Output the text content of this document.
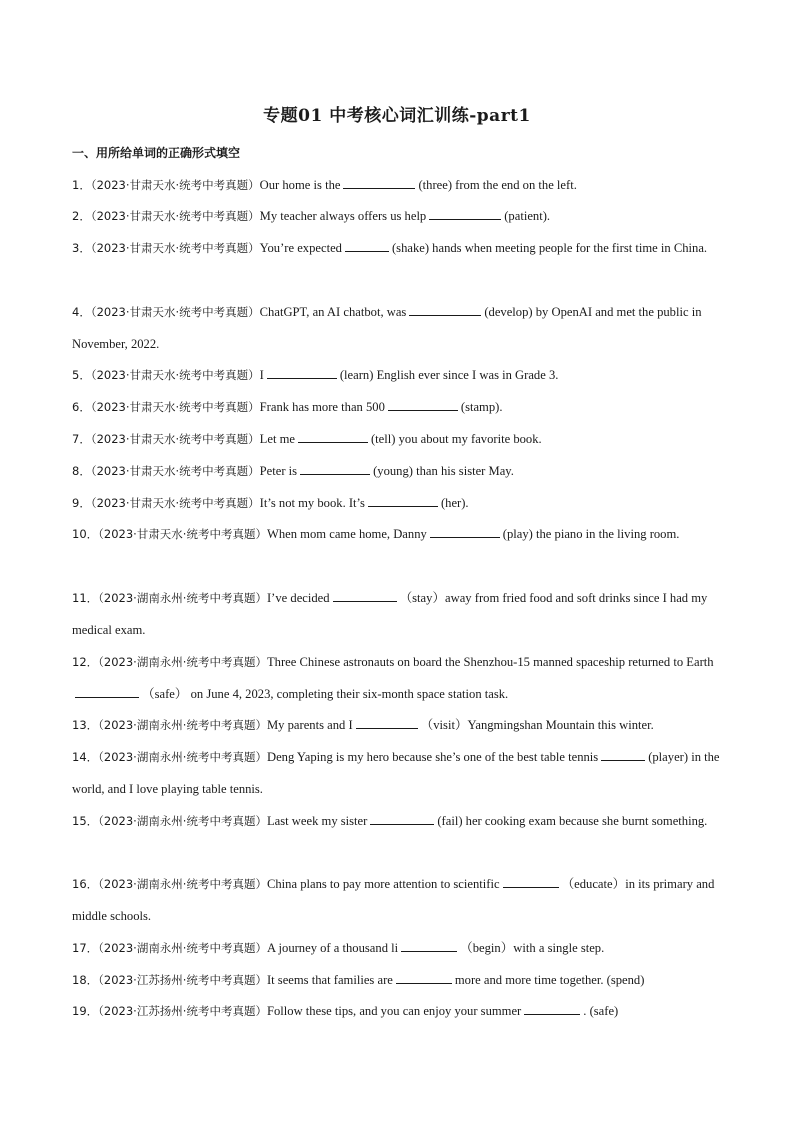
专题01 中考核心词汇训练-part1
一、用所给单词的正确形式填空
1．（2023·甘肃天水·统考中考真题）Our home is the	(three) from the end on the left.
2．（2023·甘肃天水·统考中考真题）My teacher always offers us help	(patient).
3．（2023·甘肃天水·统考中考真题）You’re expected	(shake) hands when meeting people for the first time in China.
4．（2023·甘肃天水·统考中考真题）ChatGPT, an AI chatbot, was	(develop) by OpenAI and met the public in November, 2022.
5．（2023·甘肃天水·统考中考真题）I	(learn) English ever since I was in Grade 3.
6．（2023·甘肃天水·统考中考真题）Frank has more than 500	(stamp).
7．（2023·甘肃天水·统考中考真题）Let me	(tell) you about my favorite book.
8．（2023·甘肃天水·统考中考真题）Peter is	(young) than his sister May.
9．（2023·甘肃天水·统考中考真题）It’s not my book. It’s	(her).
10．（2023·甘肃天水·统考中考真题）When mom came home, Danny	(play) the piano in the living room.
11．（2023·湖南永州·统考中考真题）I’ve decided	（stay）away from fried food and soft drinks since I had my medical exam.
12．（2023·湖南永州·统考中考真题）Three Chinese astronauts on board the Shenzhou-15 manned spaceship returned to Earth（safe） on June 4, 2023, completing their six-month space station task.
13．（2023·湖南永州·统考中考真题）My parents and I	（visit）Yangmingshan Mountain this winter.
14．（2023·湖南永州·统考中考真题）Deng Yaping is my hero because she’s one of the best table tennis	(player) in the world, and I love playing table tennis.
15．（2023·湖南永州·统考中考真题）Last week my sister	(fail) her cooking exam because she burnt something.
16．（2023·湖南永州·统考中考真题）China plans to pay more attention to scientific	（educate）in its primary and middle schools.
17．（2023·湖南永州·统考中考真题）A journey of a thousand li	（begin）with a single step.
18．（2023·江苏扬州·统考中考真题）It seems that families are	more and more time together. (spend)
19．（2023·江苏扬州·统考中考真题）Follow these tips, and you can enjoy your summer	. (safe)
